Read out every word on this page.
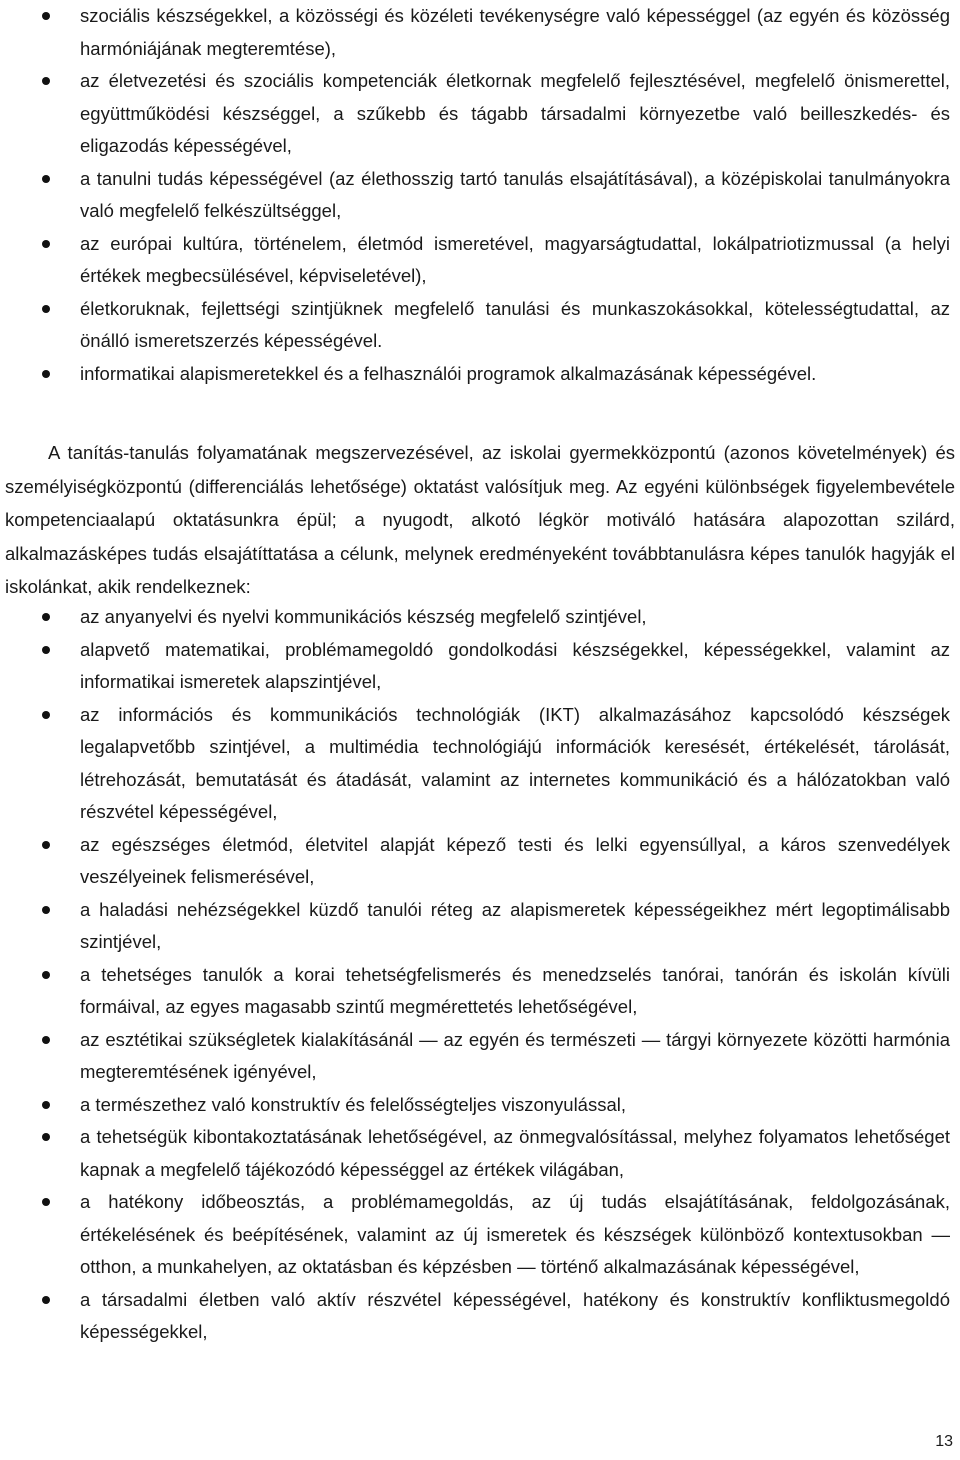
szociális készségekkel, a közösségi és közéleti tevékenységre való képességgel (az egyén és közösség harmóniájának megteremtése),
az életvezetési és szociális kompetenciák életkornak megfelelő fejlesztésével, megfelelő önismerettel, együttműködési készséggel, a szűkebb és tágabb társadalmi környezetbe való beilleszkedés- és eligazodás képességével,
a tanulni tudás képességével (az élethosszig tartó tanulás elsajátításával), a középiskolai tanulmányokra való megfelelő felkészültséggel,
az európai kultúra, történelem, életmód ismeretével, magyarságtudattal, lokálpatriotizmussal (a helyi értékek megbecsülésével, képviseletével),
életkoruknak, fejlettségi szintjüknek megfelelő tanulási és munkaszokásokkal, kötelességtudattal, az önálló ismeretszerzés képességével.
informatikai alapismeretekkel és a felhasználói programok alkalmazásának képességével.

A tanítás-tanulás folyamatának megszervezésével, az iskolai gyermekközpontú (azonos követelmények) és személyiségközpontú (differenciálás lehetősége) oktatást valósítjuk meg. Az egyéni különbségek figyelembevétele kompetenciaalapú oktatásunkra épül; a nyugodt, alkotó légkör motiváló hatására alapozottan szilárd, alkalmazásképes tudás elsajátíttatása a célunk, melynek eredményeként továbbtanulásra képes tanulók hagyják el iskolánkat, akik rendelkeznek:

az anyanyelvi és nyelvi kommunikációs készség megfelelő szintjével,
alapvető matematikai, problémamegoldó gondolkodási készségekkel, képességekkel, valamint az informatikai ismeretek alapszintjével,
az információs és kommunikációs technológiák (IKT) alkalmazásához kapcsolódó készségek legalapvetőbb szintjével, a multimédia technológiájú információk keresését, értékelését, tárolását, létrehozását, bemutatását és átadását, valamint az internetes kommunikáció és a hálózatokban való részvétel képességével,
az egészséges életmód, életvitel alapját képező testi és lelki egyensúllyal, a káros szenvedélyek veszélyeinek felismerésével,
a haladási nehézségekkel küzdő tanulói réteg az alapismeretek képességeikhez mért legoptimálisabb szintjével,
a tehetséges tanulók a korai tehetségfelismerés és menedzselés tanórai, tanórán és iskolán kívüli formáival, az egyes magasabb szintű megmérettetés lehetőségével,
az esztétikai szükségletek kialakításánál — az egyén és természeti — tárgyi környezete közötti harmónia megteremtésének igényével,
a természethez való konstruktív és felelősségteljes viszonyulással,
a tehetségük kibontakoztatásának lehetőségével, az önmegvalósítással, melyhez folyamatos lehetőséget kapnak a megfelelő tájékozódó képességgel az értékek világában,
a hatékony időbeosztás, a problémamegoldás, az új tudás elsajátításának, feldolgozásának, értékelésének és beépítésének, valamint az új ismeretek és készségek különböző kontextusokban — otthon, a munkahelyen, az oktatásban és képzésben — történő alkalmazásának képességével,
a társadalmi életben való aktív részvétel képességével, hatékony és konstruktív konfliktusmegoldó képességekkel,
13
